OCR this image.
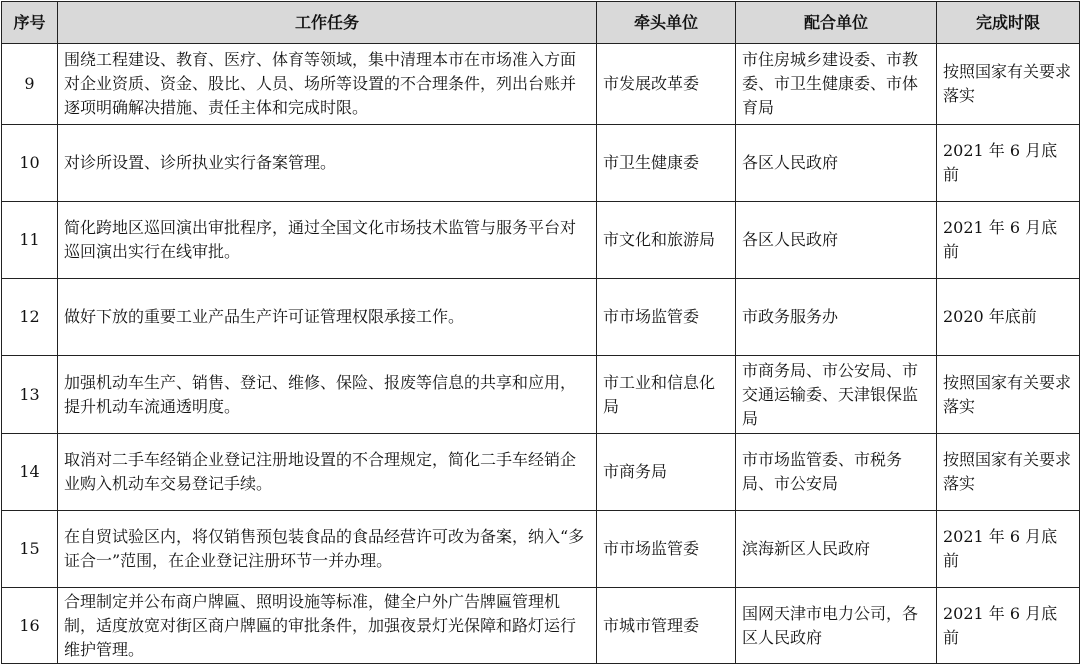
序号	工作任务	牵头单位	配合单位	完成时限
9	围绕工程建设、教育、医疗、体育等领域，集中清理本市在市场准入方面对企业资质、资金、股比、人员、场所等设置的不合理条件，列出台账并逐项明确解决措施、责任主体和完成时限。	市发展改革委	市住房城乡建设委、市教委、市卫生健康委、市体育局	按照国家有关要求落实
10	对诊所设置、诊所执业实行备案管理。	市卫生健康委	各区人民政府	2021 年 6 月底前
11	简化跨地区巡回演出审批程序，通过全国文化市场技术监管与服务平台对巡回演出实行在线审批。	市文化和旅游局	各区人民政府	2021 年 6 月底前
12	做好下放的重要工业产品生产许可证管理权限承接工作。	市市场监管委	市政务服务办	2020 年底前
13	加强机动车生产、销售、登记、维修、保险、报废等信息的共享和应用，提升机动车流通透明度。	市工业和信息化局	市商务局、市公安局、市交通运输委、天津银保监局	按照国家有关要求落实
14	取消对二手车经销企业登记注册地设置的不合理规定，简化二手车经销企业购入机动车交易登记手续。	市商务局	市市场监管委、市税务局、市公安局	按照国家有关要求落实
15	在自贸试验区内，将仅销售预包装食品的食品经营许可改为备案，纳入“多证合一”范围，在企业登记注册环节一并办理。	市市场监管委	滨海新区人民政府	2021 年 6 月底前
16	合理制定并公布商户牌匾、照明设施等标准，健全户外广告牌匾管理机制，适度放宽对街区商户牌匾的审批条件，加强夜景灯光保障和路灯运行维护管理。	市城市管理委	国网天津市电力公司，各区人民政府	2021 年 6 月底前
